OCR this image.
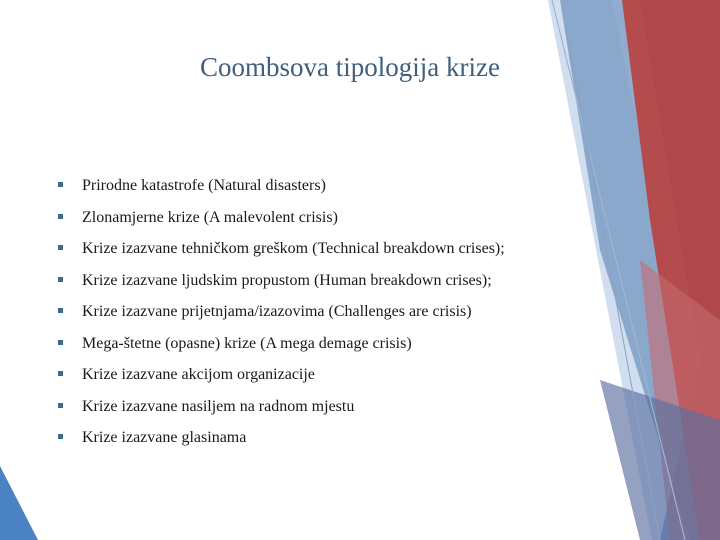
Coombsova tipologija krize
Prirodne katastrofe (Natural disasters)
Zlonamjerne krize (A malevolent crisis)
Krize izazvane tehničkom greškom (Technical breakdown crises);
Krize izazvane ljudskim propustom (Human breakdown crises);
Krize izazvane prijetnjama/izazovima (Challenges are crisis)
Mega-štetne (opasne) krize (A mega demage crisis)
Krize izazvane akcijom organizacije
Krize izazvane nasiljem na radnom mjestu
Krize izazvane glasinama
